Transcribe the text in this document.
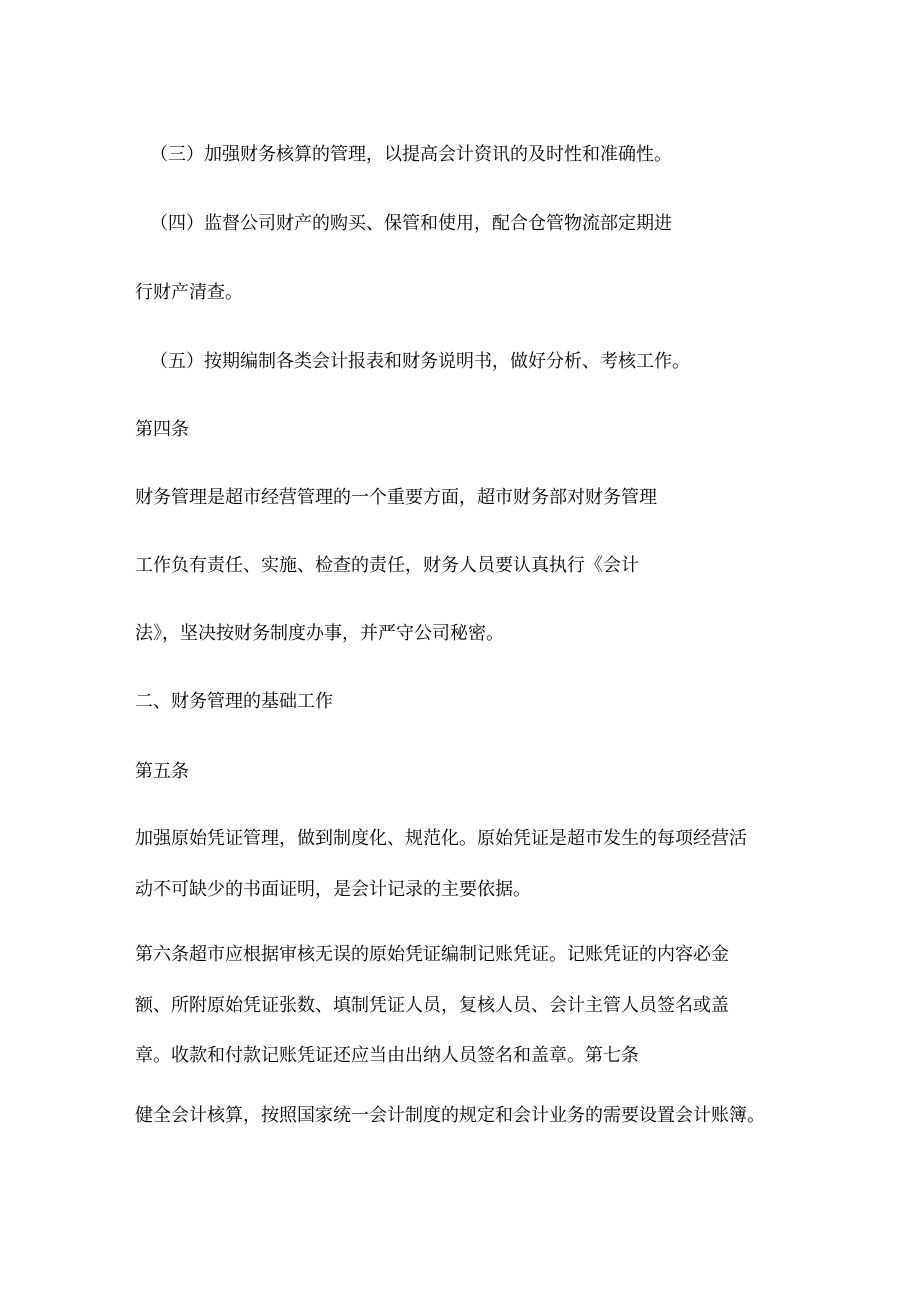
（三）加强财务核算的管理，以提高会计资讯的及时性和准确性。

（四）监督公司财产的购买、保管和使用，配合仓管物流部定期进

行财产清查。

（五）按期编制各类会计报表和财务说明书，做好分析、考核工作。

第四条

财务管理是超市经营管理的一个重要方面，超市财务部对财务管理

工作负有责任、实施、检查的责任，财务人员要认真执行《会计

法》，坚决按财务制度办事，并严守公司秘密。

二、财务管理的基础工作

第五条

加强原始凭证管理，做到制度化、规范化。原始凭证是超市发生的每项经营活

动不可缺少的书面证明，是会计记录的主要依据。

第六条超市应根据审核无误的原始凭证编制记账凭证。记账凭证的内容必金

额、所附原始凭证张数、填制凭证人员，复核人员、会计主管人员签名或盖

章。收款和付款记账凭证还应当由出纳人员签名和盖章。第七条

健全会计核算，按照国家统一会计制度的规定和会计业务的需要设置会计账簿。
